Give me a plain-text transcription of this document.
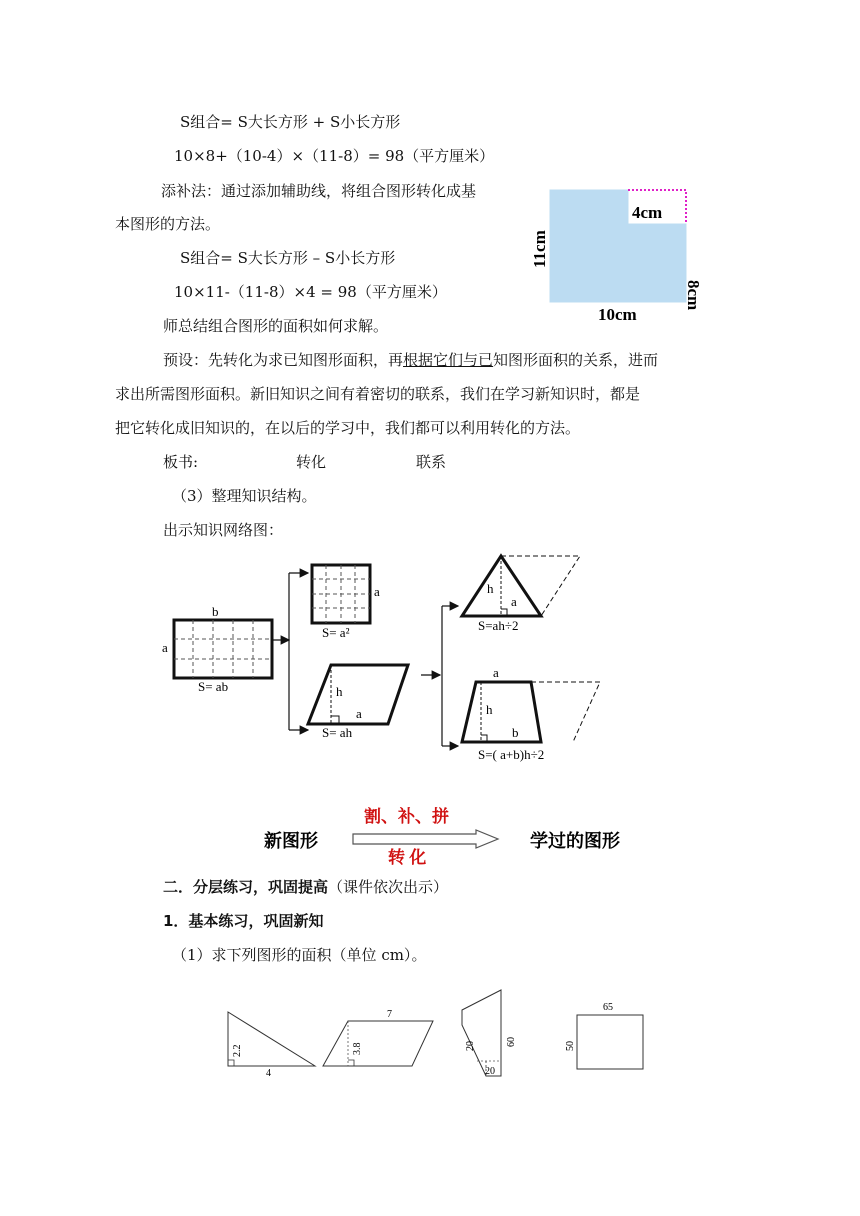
S组合= S大长方形 + S小长方形
10×8+（10-4）×（11-8）= 98（平方厘米）
添补法：通过添加辅助线，将组合图形转化成基
本图形的方法。
S组合= S大长方形 – S小长方形
10×11-（11-8）×4 = 98（平方厘米）
师总结组合图形的面积如何求解。
预设：先转化为求已知图形面积，再根据它们与已知图形面积的关系，进而
求出所需图形面积。新旧知识之间有着密切的联系，我们在学习新知识时，都是
把它转化成旧知识的，在以后的学习中，我们都可以利用转化的方法。
板书:	转化	联系
（3）整理知识结构。
出示知识网络图：
二．分层练习，巩固提高（课件依次出示）
1．基本练习，巩固新知
（1）求下列图形的面积（单位 cm）。
4cm
11cm
8cm
10cm
b
a
S= ab
a
S= a²
h
a
S= ah
h
a
S=ah÷2
a
h
b
S=( a+b)h÷2
新图形
割、补、拼
转 化
学过的图形
2.2
4
7
3.8	20	60
20
65
50
